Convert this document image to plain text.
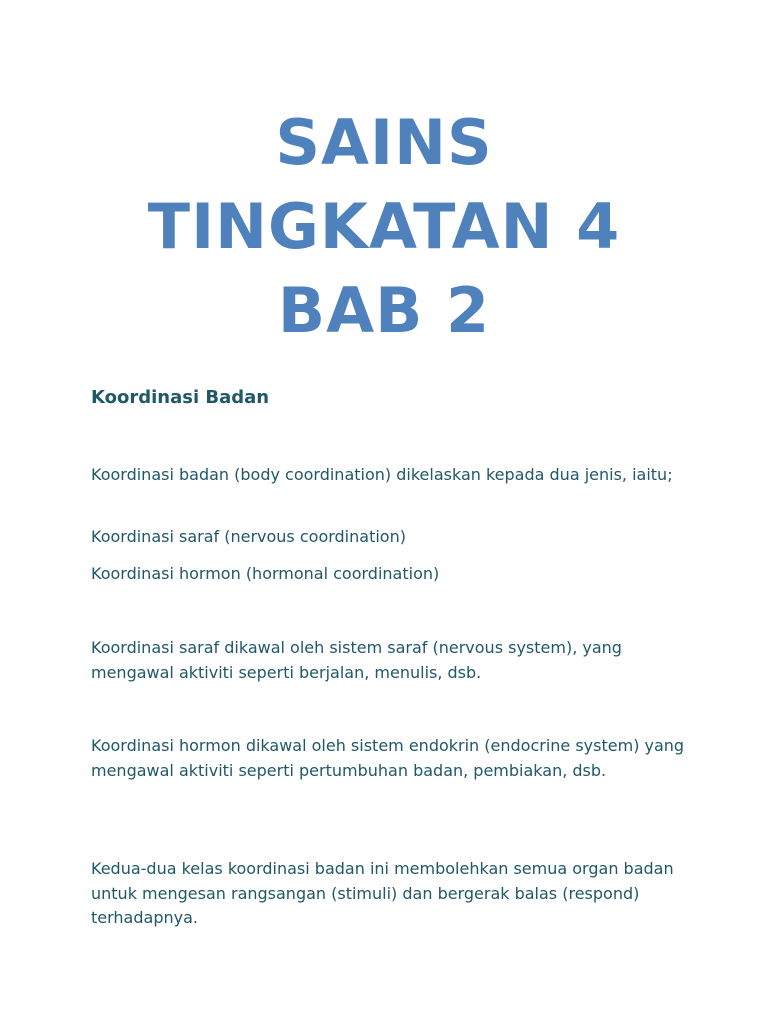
SAINS
TINGKATAN 4
BAB 2
Koordinasi Badan

Koordinasi badan (body coordination) dikelaskan kepada dua jenis, iaitu;

Koordinasi saraf (nervous coordination)

Koordinasi hormon (hormonal coordination)

Koordinasi saraf dikawal oleh sistem saraf (nervous system), yang mengawal aktiviti seperti berjalan, menulis, dsb.

Koordinasi hormon dikawal oleh sistem endokrin (endocrine system) yang mengawal aktiviti seperti pertumbuhan badan, pembiakan, dsb.

Kedua-dua kelas koordinasi badan ini membolehkan semua organ badan untuk mengesan rangsangan (stimuli) dan bergerak balas (respond) terhadapnya.
